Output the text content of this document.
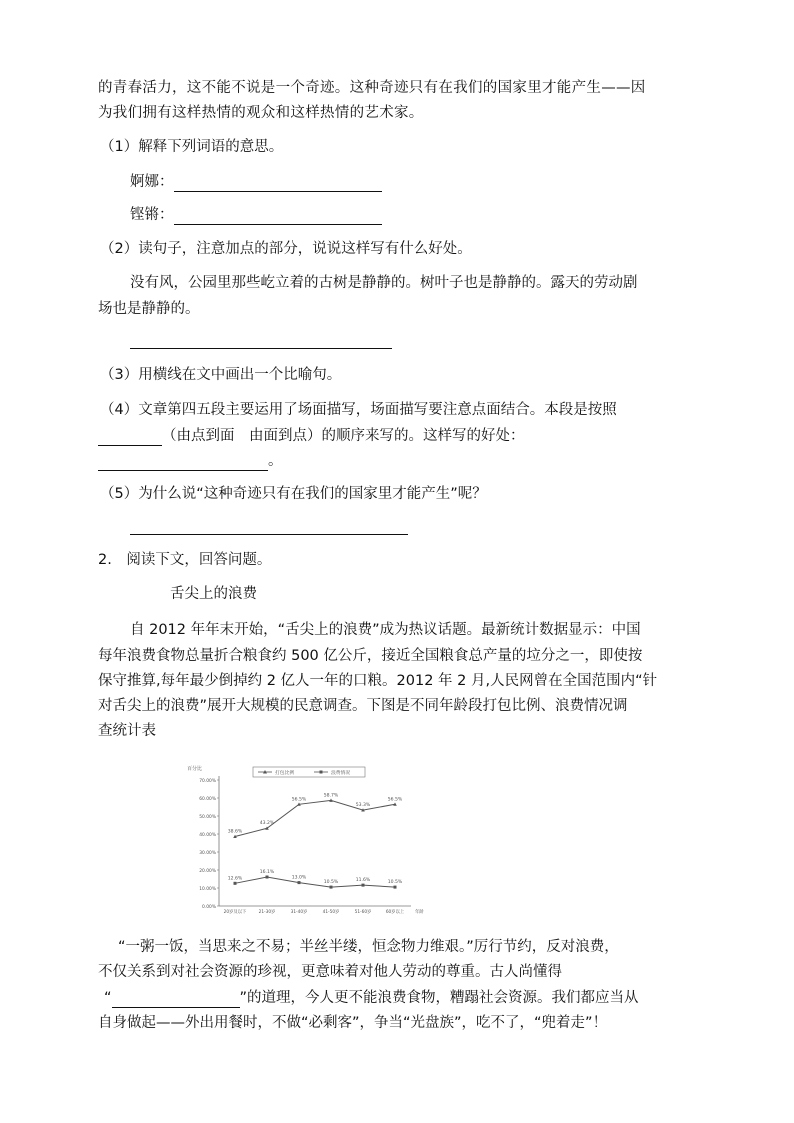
的青春活力，这不能不说是一个奇迹。这种奇迹只有在我们的国家里才能产生——因
为我们拥有这样热情的观众和这样热情的艺术家。
（1）解释下列词语的意思。
婀娜：
铿锵：
（2）读句子，注意加点的部分，说说这样写有什么好处。
没有风，公园里那些屹立着的古树是静静的。树叶子也是静静的。露天的劳动剧
场也是静静的。
（3）用横线在文中画出一个比喻句。
（4）文章第四五段主要运用了场面描写，场面描写要注意点面结合。本段是按照
（由点到面　由面到点）的顺序来写的。这样写的好处：
。
（5）为什么说“这种奇迹只有在我们的国家里才能产生”呢？
2.　阅读下文，回答问题。
舌尖上的浪费
自 2012 年年末开始，“舌尖上的浪费”成为热议话题。最新统计数据显示：中国
每年浪费食物总量折合粮食约 500 亿公斤，接近全国粮食总产量的垃分之一，即使按
保守推算,每年最少倒掉约 2 亿人一年的口粮。2012 年 2 月,人民网曾在全国范围内“针
对舌尖上的浪费”展开大规模的民意调查。下图是不同年龄段打包比例、浪费情况调
查统计表
0.00%
10.00%
20.00%
30.00%
40.00%
50.00%
60.00%
70.00%
百分比
20岁及以下	21-30岁	31-40岁	41-50岁	51-60岁	60岁以上	年龄
打包比例	浪费情况
38.6%
43.2%
56.5%
58.7%
53.3%
56.5%
12.6%
16.1%
13.0%
10.5%	11.6%	10.5%
“一粥一饭，当思来之不易；半丝半缕，恒念物力维艰。”厉行节约，反对浪费，
不仅关系到对社会资源的珍视，更意味着对他人劳动的尊重。古人尚懂得
“	”的道理，今人更不能浪费食物，糟蹋社会资源。我们都应当从
自身做起——外出用餐时，不做“必剩客”，争当“光盘族”，吃不了，“兜着走”！
